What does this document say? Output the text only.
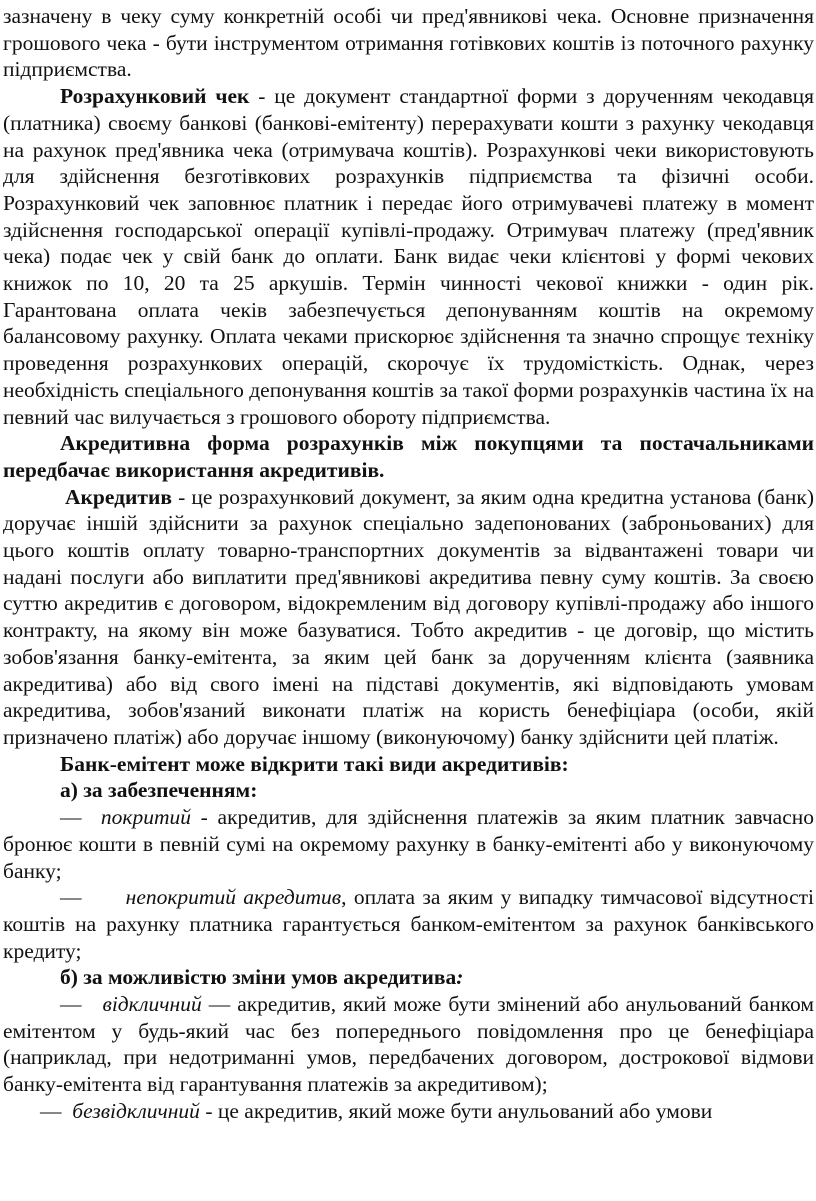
зазначену в чеку суму конкретній особі чи пред'явникові чека. Основне призначення грошового чека - бути інструментом отримання готівкових коштів із поточного рахунку підприємства.

Розрахунковий чек - це документ стандартної форми з дорученням чекодавця (платника) своєму банкові (банкові-емітенту) перерахувати кошти з рахунку чекодавця на рахунок пред'явника чека (отримувача коштів). Розрахункові чеки використовують для здійснення безготівкових розрахунків підприємства та фізичні особи. Розрахунковий чек заповнює платник і передає його отримувачеві платежу в момент здійснення господарської операції купівлі-продажу. Отримувач платежу (пред'явник чека) подає чек у свій банк до оплати. Банк видає чеки клієнтові у формі чекових книжок по 10, 20 та 25 аркушів. Термін чинності чекової книжки - один рік. Гарантована оплата чеків забезпечується депонуванням коштів на окремому балансовому рахунку. Оплата чеками прискорює здійснення та значно спрощує техніку проведення розрахункових операцій, скорочує їх трудомісткість. Однак, через необхідність спеціального депонування коштів за такої форми розрахунків частина їх на певний час вилучається з грошового обороту підприємства.

Акредитивна форма розрахунків між покупцями та постачальниками передбачає використання акредитивів.

Акредитив - це розрахунковий документ, за яким одна кредитна установа (банк) доручає іншій здійснити за рахунок спеціально задепонованих (заброньованих) для цього коштів оплату товарно-транспортних документів за відвантажені товари чи надані послуги або виплатити пред'явникові акредитива певну суму коштів. За своєю суттю акредитив є договором, відокремленим від договору купівлі-продажу або іншого контракту, на якому він може базуватися. Тобто акредитив - це договір, що містить зобов'язання банку-емітента, за яким цей банк за дорученням клієнта (заявника акредитива) або від свого імені на підставі документів, які відповідають умовам акредитива, зобов'язаний виконати платіж на користь бенефіціара (особи, якій призначено платіж) або доручає іншому (виконуючому) банку здійснити цей платіж.

Банк-емітент може відкрити такі види акредитивів:

а) за забезпеченням:

— покритий - акредитив, для здійснення платежів за яким платник завчасно бронює кошти в певній сумі на окремому рахунку в банку-емітенті або у виконуючому банку;

— непокритий акредитив, оплата за яким у випадку тимчасової відсутності коштів на рахунку платника гарантується банком-емітентом за рахунок банківського кредиту;

б) за можливістю зміни умов акредитива:

— відкличний — акредитив, який може бути змінений або анульований банком емітентом у будь-який час без попереднього повідомлення про це бенефіціара (наприклад, при недотриманні умов, передбачених договором, дострокової відмови банку-емітента від гарантування платежів за акредитивом);

— безвідкличний - це акредитив, який може бути анульований або умови
